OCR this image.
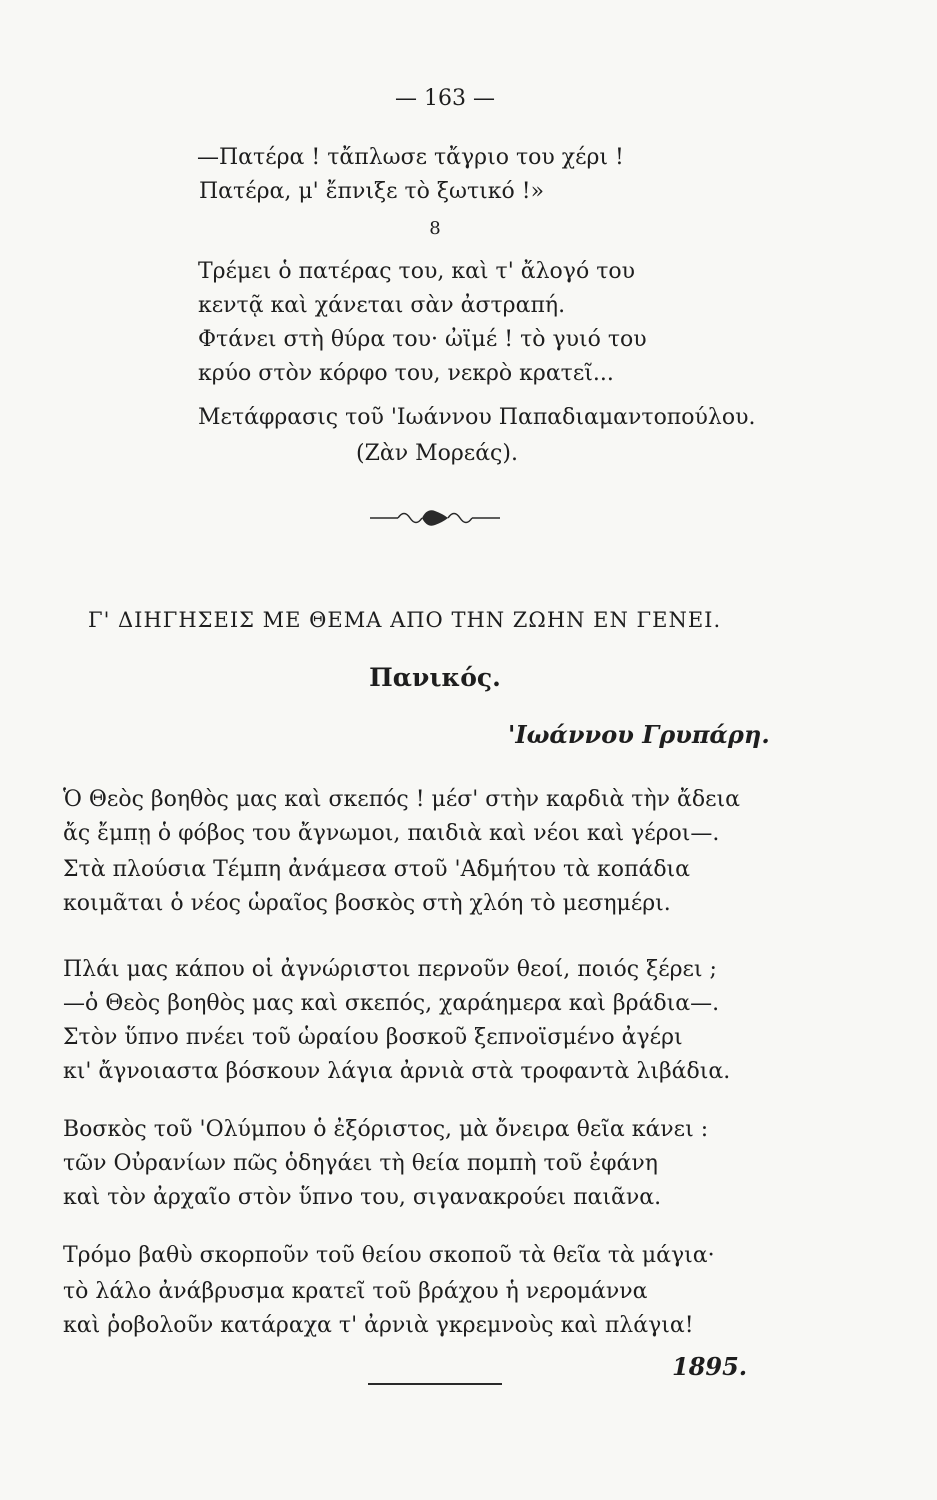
— 163 —
—Πατέρα ! τἄπλωσε τἄγριο του χέρι !
Πατέρα, μ' ἔπνιξε τὸ ξωτικό !»
8
Τρέμει ὁ πατέρας του, καὶ τ' ἄλογό του
κεντᾷ καὶ χάνεται σὰν ἀστραπή.
Φτάνει στὴ θύρα του· ὠϊμέ ! τὸ γυιό του
κρύο στὸν κόρφο του, νεκρὸ κρατεῖ...
Μετάφρασις τοῦ 'Ιωάννου Παπαδιαμαντοπούλου.
(Ζὰν Μορεάς).
Γ' ΔΙΗΓΗΣΕΙΣ ΜΕ ΘΕΜΑ ΑΠΟ ΤΗΝ ΖΩΗΝ ΕΝ ΓΕΝΕΙ.
Πανικός.
'Ιωάννου Γρυπάρη.
Ὁ Θεὸς βοηθὸς μας καὶ σκεπός ! μέσ' στὴν καρδιὰ τὴν ἄδεια
ἄς ἔμπῃ ὁ φόβος του ἄγνωμοι, παιδιὰ καὶ νέοι καὶ γέροι—.
Στὰ πλούσια Τέμπη ἀνάμεσα στοῦ 'Αδμήτου τὰ κοπάδια
κοιμᾶται ὁ νέος ὡραῖος βοσκὸς στὴ χλόη τὸ μεσημέρι.
Πλάι μας κάπου οἱ ἀγνώριστοι περνοῦν θεοί, ποιός ξέρει ;
—ὁ Θεὸς βοηθὸς μας καὶ σκεπός, χαράημερα καὶ βράδια—.
Στὸν ὕπνο πνέει τοῦ ὡραίου βοσκοῦ ξεπνοϊσμένο ἀγέρι
κι' ἄγνοιαστα βόσκουν λάγια ἀρνιὰ στὰ τροφαντὰ λιβάδια.
Βοσκὸς τοῦ 'Ολύμπου ὁ ἐξόριστος, μὰ ὄνειρα θεῖα κάνει :
τῶν Οὐρανίων πῶς ὁδηγάει τὴ θεία πομπὴ τοῦ ἐφάνη
καὶ τὸν ἀρχαῖο στὸν ὕπνο του, σιγανακρούει παιᾶνα.
Τρόμο βαθὺ σκορποῦν τοῦ θείου σκοποῦ τὰ θεῖα τὰ μάγια·
τὸ λάλο ἀνάβρυσμα κρατεῖ τοῦ βράχου ἡ νερομάννα
καὶ ῥοβολοῦν κατάραχα τ' ἀρνιὰ γκρεμνοὺς καὶ πλάγια!
1895.
